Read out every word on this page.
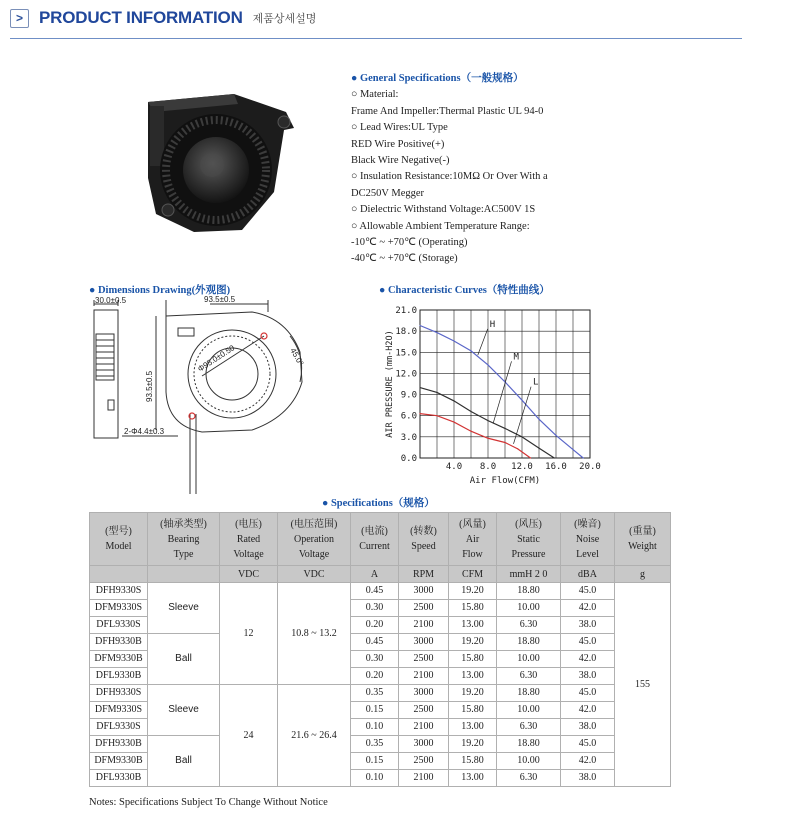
> PRODUCT INFORMATION 제품상세설명
● General Specifications（一般规格）
○ Material:
Frame And Impeller:Thermal Plastic UL 94-0
○ Lead Wires:UL Type
RED Wire Positive(+)
Black Wire Negative(-)
○ Insulation Resistance:10MΩ Or Over With a
DC250V Megger
○ Dielectric Withstand Voltage:AC500V 1S
○ Allowable Ambient Temperature Range:
-10℃ ~ +70℃ (Operating)
-40℃ ~ +70℃ (Storage)
● Dimensions Drawing(外观图)	● Characteristic Curves（特性曲线）
30.0±0.5	93.5±0.5
93.5±0.5
45.0°
Φ95.0±0.50
2-Φ4.4±0.3
4.0 8.0 12.0 16.0 20.0
0.0
3.0
6.0
9.0
12.0
15.0
18.0
21.0
H
M
L
Air Flow(CFM)
AIR PRESSURE (mm-H2O)
● Specifications（规格）
(型号)
Model	(轴承类型)
Bearing
Type	(电压)
Rated
Voltage	(电压范围)
Operation
Voltage	(电流)
Current	(转数)
Speed	(风量)
Air
Flow	(风压)
Static
Pressure	(噪音)
Noise
Level	(重量)
Weight
		VDC	VDC	A	RPM	CFM	mmH 2 0	dBA	g
DFH9330S	Sleeve	12	10.8 ~ 13.2	0.45	3000	19.20	18.80	45.0	155
DFM9330S				0.30	2500	15.80	10.00	42.0	
DFL9330S				0.20	2100	13.00	6.30	38.0	
DFH9330B	Ball			0.45	3000	19.20	18.80	45.0	
DFM9330B				0.30	2500	15.80	10.00	42.0	
DFL9330B				0.20	2100	13.00	6.30	38.0	
DFH9330S	Sleeve	24	21.6 ~ 26.4	0.35	3000	19.20	18.80	45.0	
DFM9330S				0.15	2500	15.80	10.00	42.0	
DFL9330S				0.10	2100	13.00	6.30	38.0	
DFH9330B	Ball			0.35	3000	19.20	18.80	45.0	
DFM9330B				0.15	2500	15.80	10.00	42.0	
DFL9330B				0.10	2100	13.00	6.30	38.0	
Notes: Specifications Subject To Change Without Notice
